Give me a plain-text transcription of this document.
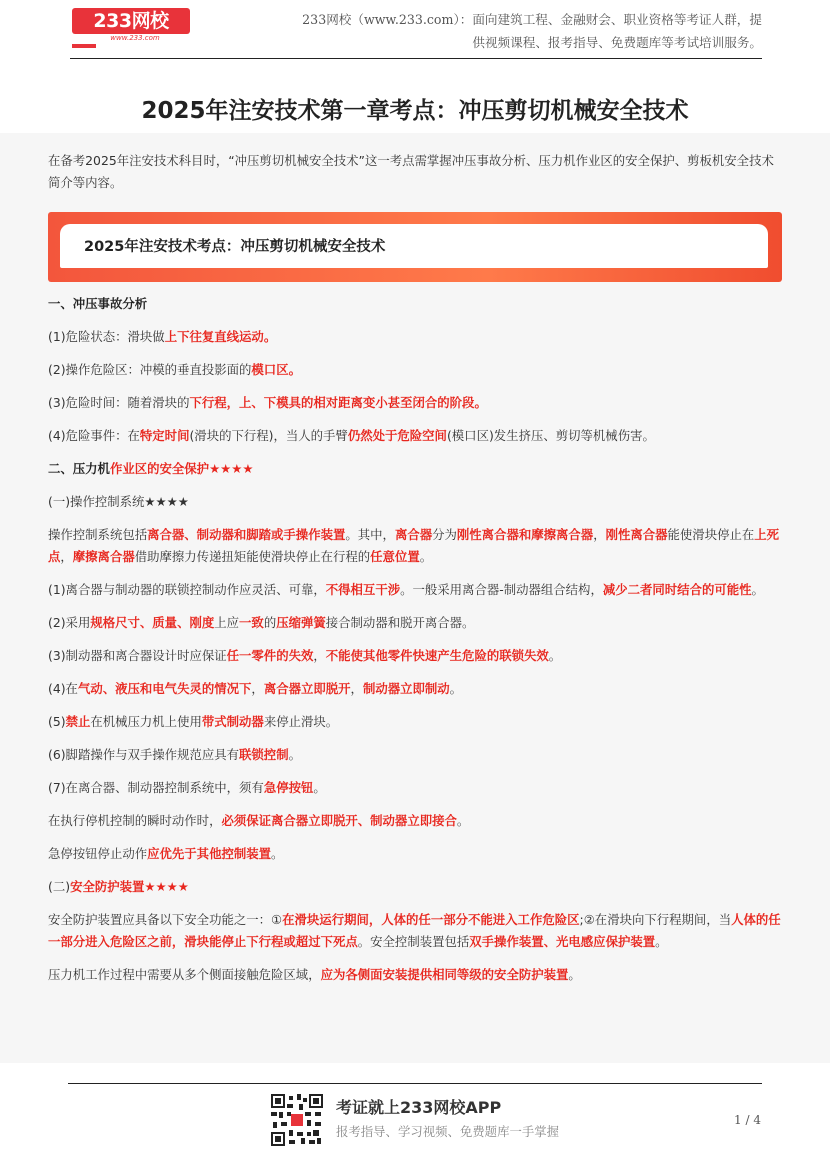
233网校
www.233.com
233网校（www.233.com）：面向建筑工程、金融财会、职业资格等考证人群，提
供视频课程、报考指导、免费题库等考试培训服务。
2025年注安技术第一章考点：冲压剪切机械安全技术

在备考2025年注安技术科目时，“冲压剪切机械安全技术”这一考点需掌握冲压事故分析、压力机作业区的安全保护、剪板机安全技术简介等内容。

2025年注安技术考点：冲压剪切机械安全技术

一、冲压事故分析

(1)危险状态：滑块做上下往复直线运动。

(2)操作危险区：冲模的垂直投影面的模口区。

(3)危险时间：随着滑块的下行程，上、下模具的相对距离变小甚至闭合的阶段。

(4)危险事件：在特定时间(滑块的下行程)，当人的手臂仍然处于危险空间(模口区)发生挤压、剪切等机械伤害。

二、压力机作业区的安全保护★★★★

(一)操作控制系统★★★★

操作控制系统包括离合器、制动器和脚踏或手操作装置。其中，离合器分为刚性离合器和摩擦离合器，刚性离合器能使滑块停止在上死点，摩擦离合器借助摩擦力传递扭矩能使滑块停止在行程的任意位置。

(1)离合器与制动器的联锁控制动作应灵活、可靠，不得相互干涉。一般采用离合器-制动器组合结构，减少二者同时结合的可能性。

(2)采用规格尺寸、质量、刚度上应一致的压缩弹簧接合制动器和脱开离合器。

(3)制动器和离合器设计时应保证任一零件的失效，不能使其他零件快速产生危险的联锁失效。

(4)在气动、液压和电气失灵的情况下，离合器立即脱开，制动器立即制动。

(5)禁止在机械压力机上使用带式制动器来停止滑块。

(6)脚踏操作与双手操作规范应具有联锁控制。

(7)在离合器、制动器控制系统中，须有急停按钮。

在执行停机控制的瞬时动作时，必须保证离合器立即脱开、制动器立即接合。

急停按钮停止动作应优先于其他控制装置。

(二)安全防护装置★★★★

安全防护装置应具备以下安全功能之一：①在滑块运行期间，人体的任一部分不能进入工作危险区;②在滑块向下行程期间，当人体的任一部分进入危险区之前，滑块能停止下行程或超过下死点。安全控制装置包括双手操作装置、光电感应保护装置。

压力机工作过程中需要从多个侧面接触危险区域，应为各侧面安装提供相同等级的安全防护装置。

考证就上233网校APP
报考指导、学习视频、免费题库一手掌握
1 / 4
